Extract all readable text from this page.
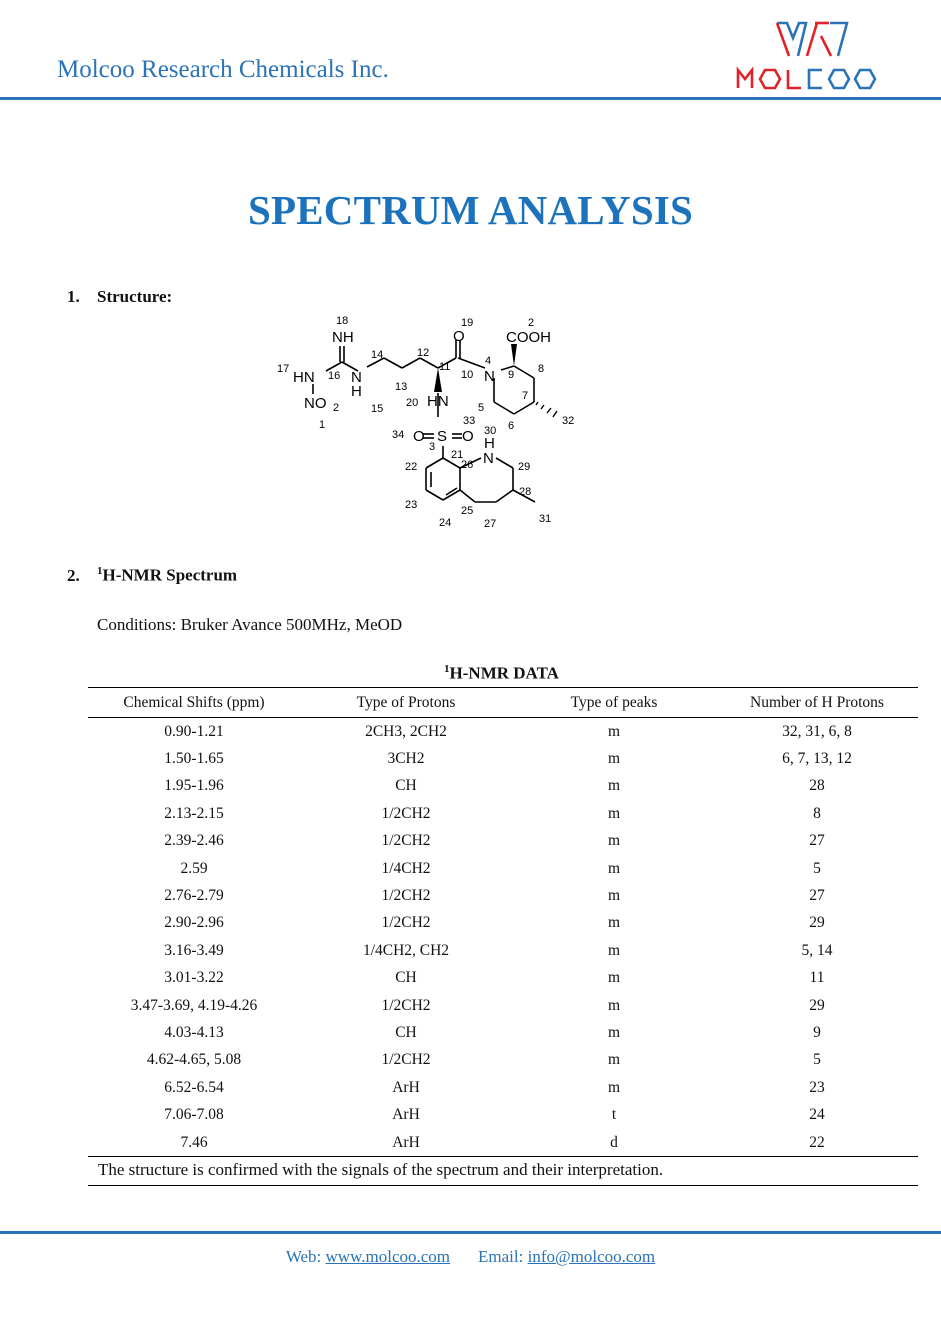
Molcoo Research Chemicals Inc.
SPECTRUM ANALYSIS
1. Structure:
18
NH
17 HN 16
NO 2
1
14
N
H
15
13
12
11
20 HN
19
O
10 N
4
9
2
COOH
8
7
5
6	32
30
33
34 O S O
3
21
26
H
N 29
22
23
24
25
27
28
31
2. $^1$H-NMR Spectrum
Conditions: Bruker Avance 500MHz, MeOD
$^1$H-NMR DATA
Chemical Shifts (ppm)	Type of Protons	Type of peaks	Number of H Protons
0.90-1.21	2CH3, 2CH2	m	32, 31, 6, 8
1.50-1.65	3CH2	m	6, 7, 13, 12
1.95-1.96	CH	m	28
2.13-2.15	1/2CH2	m	8
2.39-2.46	1/2CH2	m	27
2.59	1/4CH2	m	5
2.76-2.79	1/2CH2	m	27
2.90-2.96	1/2CH2	m	29
3.16-3.49	1/4CH2, CH2	m	5, 14
3.01-3.22	CH	m	11
3.47-3.69, 4.19-4.26	1/2CH2	m	29
4.03-4.13	CH	m	9
4.62-4.65, 5.08	1/2CH2	m	5
6.52-6.54	ArH	m	23
7.06-7.08	ArH	t	24
7.46	ArH	d	22
The structure is confirmed with the signals of the spectrum and their interpretation.			
Web: www.molcoo.com Email: info@molcoo.com
